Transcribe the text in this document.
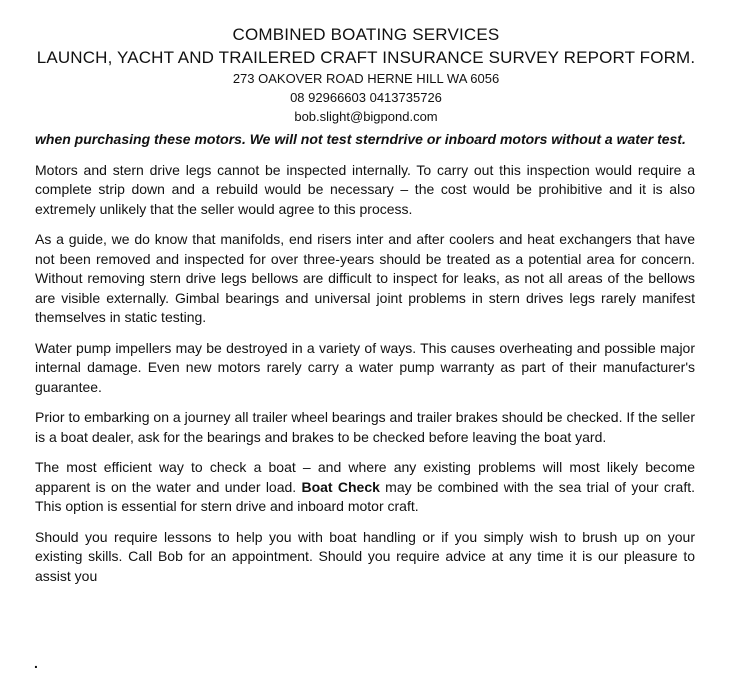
COMBINED BOATING SERVICES
LAUNCH, YACHT AND TRAILERED CRAFT INSURANCE SURVEY REPORT FORM.
273 OAKOVER ROAD HERNE HILL WA 6056
08 92966603 0413735726
bob.slight@bigpond.com

when purchasing these motors. We will not test sterndrive or inboard motors without a water test.

Motors and stern drive legs cannot be inspected internally. To carry out this inspection would require a complete strip down and a rebuild would be necessary – the cost would be prohibitive and it is also extremely unlikely that the seller would agree to this process.

As a guide, we do know that manifolds, end risers inter and after coolers and heat exchangers that have not been removed and inspected for over three-years should be treated as a potential area for concern. Without removing stern drive legs bellows are difficult to inspect for leaks, as not all areas of the bellows are visible externally. Gimbal bearings and universal joint problems in stern drives legs rarely manifest themselves in static testing.

Water pump impellers may be destroyed in a variety of ways. This causes overheating and possible major internal damage. Even new motors rarely carry a water pump warranty as part of their manufacturer's guarantee.

Prior to embarking on a journey all trailer wheel bearings and trailer brakes should be checked. If the seller is a boat dealer, ask for the bearings and brakes to be checked before leaving the boat yard.

The most efficient way to check a boat – and where any existing problems will most likely become apparent is on the water and under load. Boat Check may be combined with the sea trial of your craft. This option is essential for stern drive and inboard motor craft.

Should you require lessons to help you with boat handling or if you simply wish to brush up on your existing skills. Call Bob for an appointment. Should you require advice at any time it is our pleasure to assist you

.
